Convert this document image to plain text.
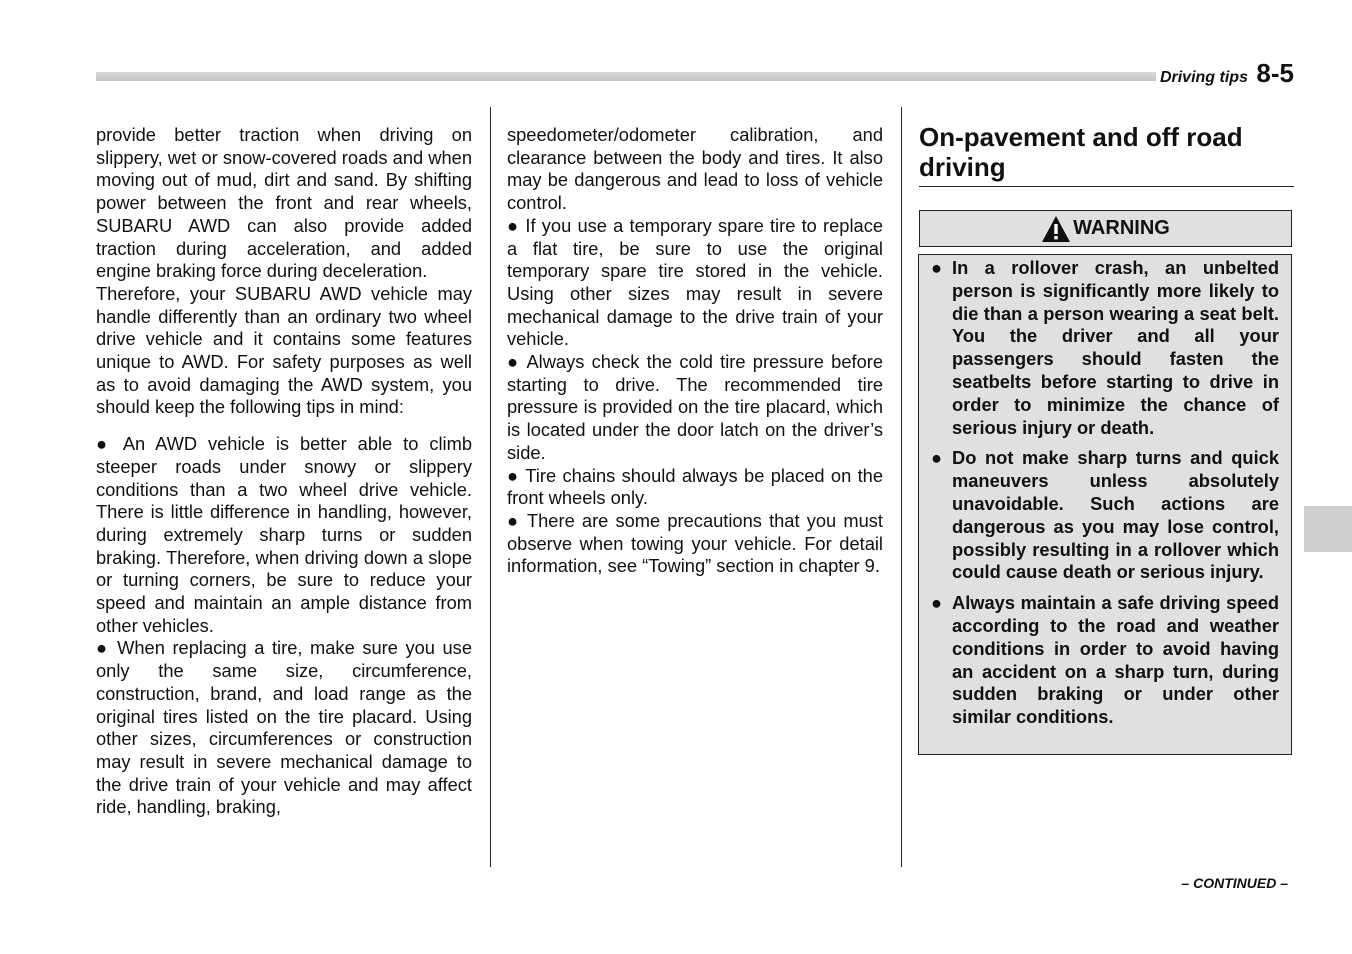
Driving tips 8-5

provide better traction when driving on slippery, wet or snow-covered roads and when moving out of mud, dirt and sand. By shifting power between the front and rear wheels, SUBARU AWD can also provide added traction during acceleration, and added engine braking force during deceleration.

Therefore, your SUBARU AWD vehicle may handle differently than an ordinary two wheel drive vehicle and it contains some features unique to AWD. For safety purposes as well as to avoid damaging the AWD system, you should keep the following tips in mind:

● An AWD vehicle is better able to climb steeper roads under snowy or slippery conditions than a two wheel drive vehicle. There is little difference in handling, however, during extremely sharp turns or sudden braking. Therefore, when driving down a slope or turning corners, be sure to reduce your speed and maintain an ample distance from other vehicles.

● When replacing a tire, make sure you use only the same size, circumference, construction, brand, and load range as the original tires listed on the tire placard. Using other sizes, circumferences or construction may result in severe mechanical damage to the drive train of your vehicle and may affect ride, handling, braking,

speedometer/odometer calibration, and clearance between the body and tires. It also may be dangerous and lead to loss of vehicle control.

● If you use a temporary spare tire to replace a flat tire, be sure to use the original temporary spare tire stored in the vehicle. Using other sizes may result in severe mechanical damage to the drive train of your vehicle.

● Always check the cold tire pressure before starting to drive. The recommended tire pressure is provided on the tire placard, which is located under the door latch on the driver’s side.

● Tire chains should always be placed on the front wheels only.

● There are some precautions that you must observe when towing your vehicle. For detail information, see “Towing” section in chapter 9.

On-pavement and off road driving
WARNING
● In a rollover crash, an unbelted person is significantly more likely to die than a person wearing a seat belt. You the driver and all your passengers should fasten the seatbelts before starting to drive in order to minimize the chance of serious injury or death.
● Do not make sharp turns and quick maneuvers unless absolutely unavoidable. Such actions are dangerous as you may lose control, possibly resulting in a rollover which could cause death or serious injury.
● Always maintain a safe driving speed according to the road and weather conditions in order to avoid having an accident on a sharp turn, during sudden braking or under other similar conditions.
– CONTINUED –
